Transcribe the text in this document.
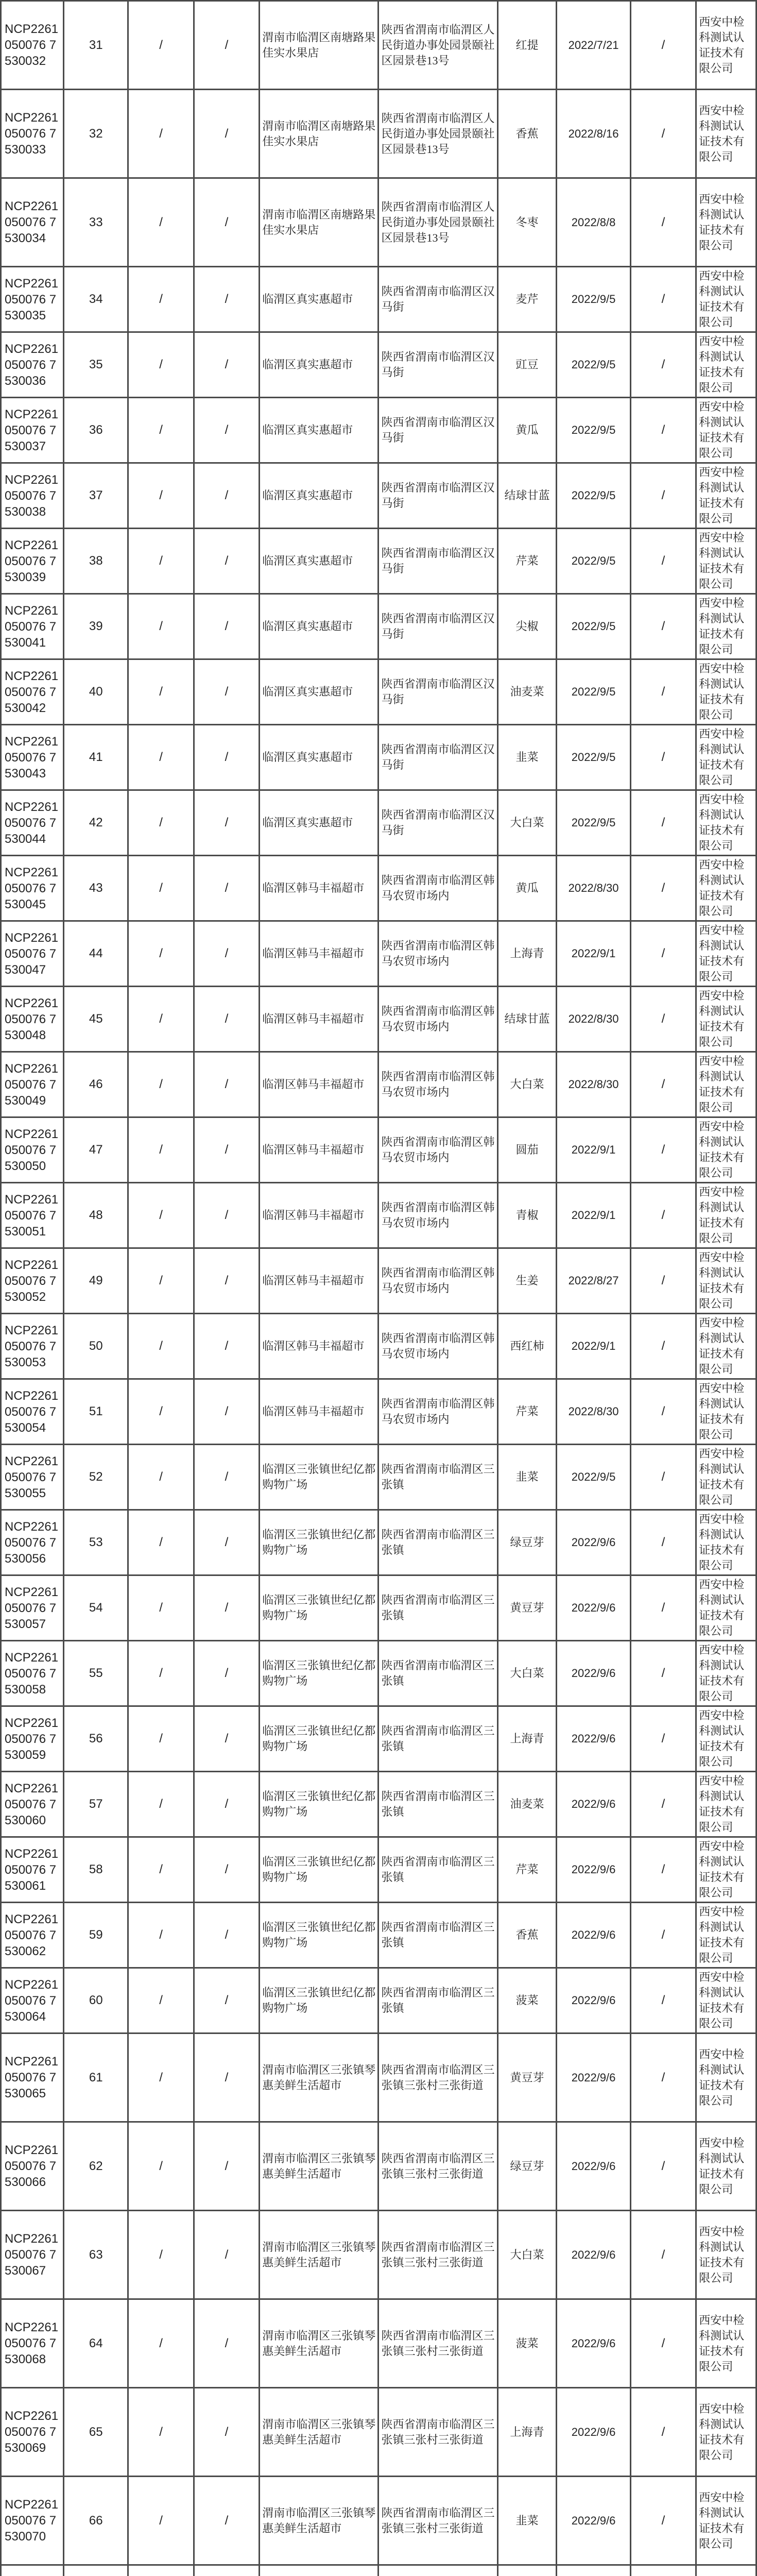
NCP2261050076 7530032	31	/	/	渭南市临渭区南塘路果佳实水果店	陕西省渭南市临渭区人民街道办事处园景颐社区园景巷13号	红提	2022/7/21	/	西安中检科测试认证技术有限公司
NCP2261050076 7530033	32	/	/	渭南市临渭区南塘路果佳实水果店	陕西省渭南市临渭区人民街道办事处园景颐社区园景巷13号	香蕉	2022/8/16	/	西安中检科测试认证技术有限公司
NCP2261050076 7530034	33	/	/	渭南市临渭区南塘路果佳实水果店	陕西省渭南市临渭区人民街道办事处园景颐社区园景巷13号	冬枣	2022/8/8	/	西安中检科测试认证技术有限公司
NCP2261050076 7530035	34	/	/	临渭区真实惠超市	陕西省渭南市临渭区汉马街	麦芹	2022/9/5	/	西安中检科测试认证技术有限公司
NCP2261050076 7530036	35	/	/	临渭区真实惠超市	陕西省渭南市临渭区汉马街	豇豆	2022/9/5	/	西安中检科测试认证技术有限公司
NCP2261050076 7530037	36	/	/	临渭区真实惠超市	陕西省渭南市临渭区汉马街	黄瓜	2022/9/5	/	西安中检科测试认证技术有限公司
NCP2261050076 7530038	37	/	/	临渭区真实惠超市	陕西省渭南市临渭区汉马街	结球甘蓝	2022/9/5	/	西安中检科测试认证技术有限公司
NCP2261050076 7530039	38	/	/	临渭区真实惠超市	陕西省渭南市临渭区汉马街	芹菜	2022/9/5	/	西安中检科测试认证技术有限公司
NCP2261050076 7530041	39	/	/	临渭区真实惠超市	陕西省渭南市临渭区汉马街	尖椒	2022/9/5	/	西安中检科测试认证技术有限公司
NCP2261050076 7530042	40	/	/	临渭区真实惠超市	陕西省渭南市临渭区汉马街	油麦菜	2022/9/5	/	西安中检科测试认证技术有限公司
NCP2261050076 7530043	41	/	/	临渭区真实惠超市	陕西省渭南市临渭区汉马街	韭菜	2022/9/5	/	西安中检科测试认证技术有限公司
NCP2261050076 7530044	42	/	/	临渭区真实惠超市	陕西省渭南市临渭区汉马街	大白菜	2022/9/5	/	西安中检科测试认证技术有限公司
NCP2261050076 7530045	43	/	/	临渭区韩马丰福超市	陕西省渭南市临渭区韩马农贸市场内	黄瓜	2022/8/30	/	西安中检科测试认证技术有限公司
NCP2261050076 7530047	44	/	/	临渭区韩马丰福超市	陕西省渭南市临渭区韩马农贸市场内	上海青	2022/9/1	/	西安中检科测试认证技术有限公司
NCP2261050076 7530048	45	/	/	临渭区韩马丰福超市	陕西省渭南市临渭区韩马农贸市场内	结球甘蓝	2022/8/30	/	西安中检科测试认证技术有限公司
NCP2261050076 7530049	46	/	/	临渭区韩马丰福超市	陕西省渭南市临渭区韩马农贸市场内	大白菜	2022/8/30	/	西安中检科测试认证技术有限公司
NCP2261050076 7530050	47	/	/	临渭区韩马丰福超市	陕西省渭南市临渭区韩马农贸市场内	圆茄	2022/9/1	/	西安中检科测试认证技术有限公司
NCP2261050076 7530051	48	/	/	临渭区韩马丰福超市	陕西省渭南市临渭区韩马农贸市场内	青椒	2022/9/1	/	西安中检科测试认证技术有限公司
NCP2261050076 7530052	49	/	/	临渭区韩马丰福超市	陕西省渭南市临渭区韩马农贸市场内	生姜	2022/8/27	/	西安中检科测试认证技术有限公司
NCP2261050076 7530053	50	/	/	临渭区韩马丰福超市	陕西省渭南市临渭区韩马农贸市场内	西红柿	2022/9/1	/	西安中检科测试认证技术有限公司
NCP2261050076 7530054	51	/	/	临渭区韩马丰福超市	陕西省渭南市临渭区韩马农贸市场内	芹菜	2022/8/30	/	西安中检科测试认证技术有限公司
NCP2261050076 7530055	52	/	/	临渭区三张镇世纪亿都购物广场	陕西省渭南市临渭区三张镇	韭菜	2022/9/5	/	西安中检科测试认证技术有限公司
NCP2261050076 7530056	53	/	/	临渭区三张镇世纪亿都购物广场	陕西省渭南市临渭区三张镇	绿豆芽	2022/9/6	/	西安中检科测试认证技术有限公司
NCP2261050076 7530057	54	/	/	临渭区三张镇世纪亿都购物广场	陕西省渭南市临渭区三张镇	黄豆芽	2022/9/6	/	西安中检科测试认证技术有限公司
NCP2261050076 7530058	55	/	/	临渭区三张镇世纪亿都购物广场	陕西省渭南市临渭区三张镇	大白菜	2022/9/6	/	西安中检科测试认证技术有限公司
NCP2261050076 7530059	56	/	/	临渭区三张镇世纪亿都购物广场	陕西省渭南市临渭区三张镇	上海青	2022/9/6	/	西安中检科测试认证技术有限公司
NCP2261050076 7530060	57	/	/	临渭区三张镇世纪亿都购物广场	陕西省渭南市临渭区三张镇	油麦菜	2022/9/6	/	西安中检科测试认证技术有限公司
NCP2261050076 7530061	58	/	/	临渭区三张镇世纪亿都购物广场	陕西省渭南市临渭区三张镇	芹菜	2022/9/6	/	西安中检科测试认证技术有限公司
NCP2261050076 7530062	59	/	/	临渭区三张镇世纪亿都购物广场	陕西省渭南市临渭区三张镇	香蕉	2022/9/6	/	西安中检科测试认证技术有限公司
NCP2261050076 7530064	60	/	/	临渭区三张镇世纪亿都购物广场	陕西省渭南市临渭区三张镇	菠菜	2022/9/6	/	西安中检科测试认证技术有限公司
NCP2261050076 7530065	61	/	/	渭南市临渭区三张镇琴惠美鲜生活超市	陕西省渭南市临渭区三张镇三张村三张街道	黄豆芽	2022/9/6	/	西安中检科测试认证技术有限公司
NCP2261050076 7530066	62	/	/	渭南市临渭区三张镇琴惠美鲜生活超市	陕西省渭南市临渭区三张镇三张村三张街道	绿豆芽	2022/9/6	/	西安中检科测试认证技术有限公司
NCP2261050076 7530067	63	/	/	渭南市临渭区三张镇琴惠美鲜生活超市	陕西省渭南市临渭区三张镇三张村三张街道	大白菜	2022/9/6	/	西安中检科测试认证技术有限公司
NCP2261050076 7530068	64	/	/	渭南市临渭区三张镇琴惠美鲜生活超市	陕西省渭南市临渭区三张镇三张村三张街道	菠菜	2022/9/6	/	西安中检科测试认证技术有限公司
NCP2261050076 7530069	65	/	/	渭南市临渭区三张镇琴惠美鲜生活超市	陕西省渭南市临渭区三张镇三张村三张街道	上海青	2022/9/6	/	西安中检科测试认证技术有限公司
NCP2261050076 7530070	66	/	/	渭南市临渭区三张镇琴惠美鲜生活超市	陕西省渭南市临渭区三张镇三张村三张街道	韭菜	2022/9/6	/	西安中检科测试认证技术有限公司
